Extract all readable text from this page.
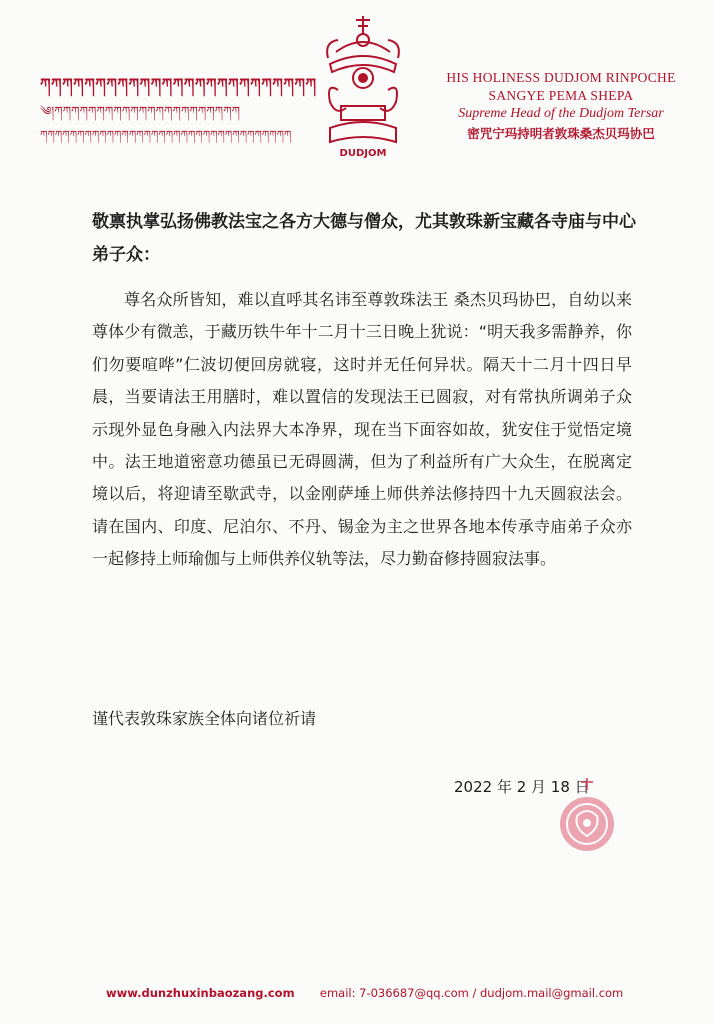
ཀཀཀཀཀཀཀཀཀཀཀཀཀཀཀཀཀཀཀཀཀཀཀཀཀ
༄།ཀཀཀཀཀཀཀཀཀཀཀཀཀཀཀཀཀཀཀཀཀཀ
ཀཀཀཀཀཀཀཀཀཀཀཀཀཀཀཀཀཀཀཀཀཀཀཀཀཀཀཀཀཀཀཀཀཀ
DUDJOM
HIS HOLINESS DUDJOM RINPOCHE
SANGYE PEMA SHEPA
Supreme Head of the Dudjom Tersar
密咒宁玛持明者敦珠桑杰贝玛协巴
敬禀执掌弘扬佛教法宝之各方大德与僧众，尤其敦珠新宝藏各寺庙与中心弟子众：

尊名众所皆知，难以直呼其名讳至尊敦珠法王 桑杰贝玛协巴，自幼以来尊体少有微恙，于藏历铁牛年十二月十三日晚上犹说：“明天我多需静养，你们勿要喧哗”仁波切便回房就寝，这时并无任何异状。隔天十二月十四日早晨，当要请法王用膳时，难以置信的发现法王已圆寂，对有常执所调弟子众示现外显色身融入内法界大本净界，现在当下面容如故，犹安住于觉悟定境中。法王地道密意功德虽已无碍圆满，但为了利益所有广大众生，在脱离定境以后，将迎请至歇武寺，以金刚萨埵上师供养法修持四十九天圆寂法会。请在国内、印度、尼泊尔、不丹、锡金为主之世界各地本传承寺庙弟子众亦一起修持上师瑜伽与上师供养仪轨等法，尽力勤奋修持圆寂法事。

谨代表敦珠家族全体向诸位祈请
2022 年 2 月 18 日
www.dunzhuxinbaozang.com email: 7-036687@qq.com / dudjom.mail@gmail.com
